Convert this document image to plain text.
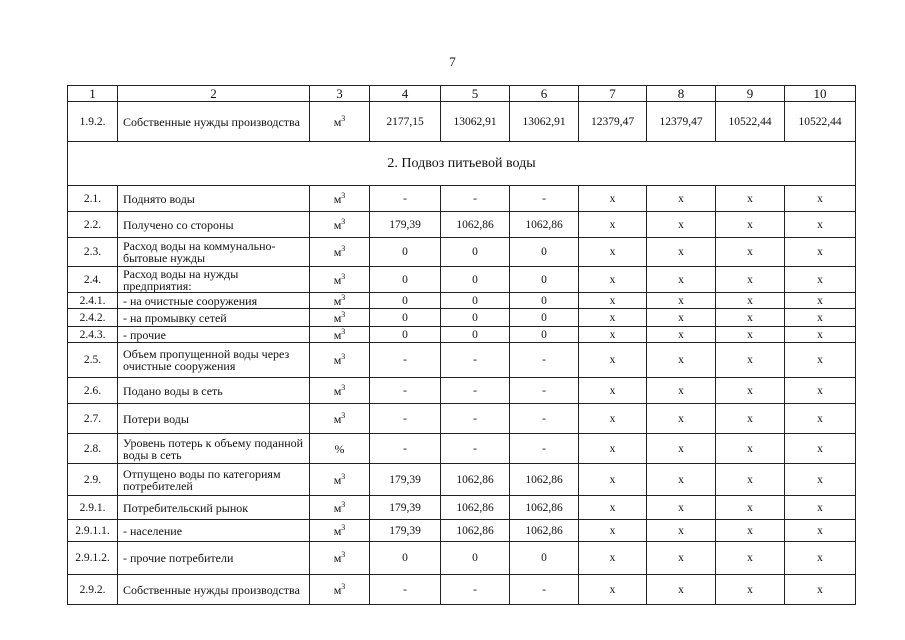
7
1	2	3	4	5	6	7	8	9	10
1.9.2.	Собственные нужды производства	$м^3$	2177,15	13062,91	13062,91	12379,47	12379,47	10522,44	10522,44
2. Подвоз питьевой воды									
2.1.	Поднято воды	$м^3$	-	-	-	x	x	x	x
2.2.	Получено со стороны	$м^3$	179,39	1062,86	1062,86	x	x	x	x
2.3.	Расход воды на коммунально-бытовые нужды	$м^3$	0	0	0	x	x	x	x
2.4.	Расход воды на нужды предприятия:	$м^3$	0	0	0	x	x	x	x
2.4.1.	- на очистные сооружения	$м^3$	0	0	0	x	x	x	x
2.4.2.	- на промывку сетей	$м^3$	0	0	0	x	x	x	x
2.4.3.	- прочие	$м^3$	0	0	0	x	x	x	x
2.5.	Объем пропущенной воды через очистные сооружения	$м^3$	-	-	-	x	x	x	x
2.6.	Подано воды в сеть	$м^3$	-	-	-	x	x	x	x
2.7.	Потери воды	$м^3$	-	-	-	x	x	x	x
2.8.	Уровень потерь к объему поданной воды в сеть	%	-	-	-	x	x	x	x
2.9.	Отпущено воды по категориям потребителей	$м^3$	179,39	1062,86	1062,86	x	x	x	x
2.9.1.	Потребительский рынок	$м^3$	179,39	1062,86	1062,86	x	x	x	x
2.9.1.1.	- население	$м^3$	179,39	1062,86	1062,86	x	x	x	x
2.9.1.2.	- прочие потребители	$м^3$	0	0	0	x	x	x	x
2.9.2.	Собственные нужды производства	$м^3$	-	-	-	x	x	x	x
